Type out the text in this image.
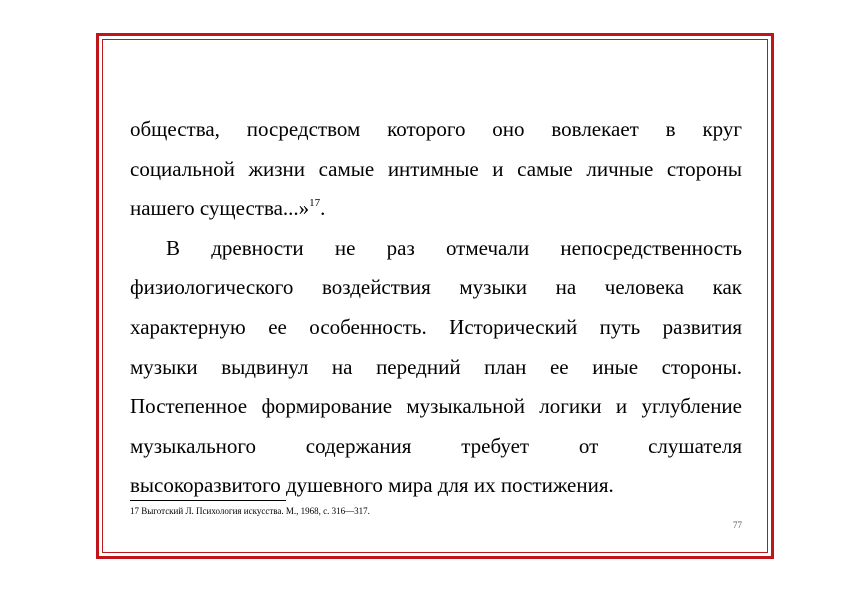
общества, посредством которого оно вовлекает в круг
социальной жизни самые интимные и самые личные стороны
нашего существа...»$^{17}$.
В древности не раз отмечали непосредственность
физиологического воздействия музыки на человека как
характерную ее особенность. Исторический путь развития
музыки выдвинул на передний план ее иные стороны.
Постепенное формирование музыкальной логики и углубление
музыкального содержания требует от слушателя
высокоразвитого душевного мира для их постижения.
17 Выготский Л. Психология искусства. М., 1968, с. 316—317.
77
